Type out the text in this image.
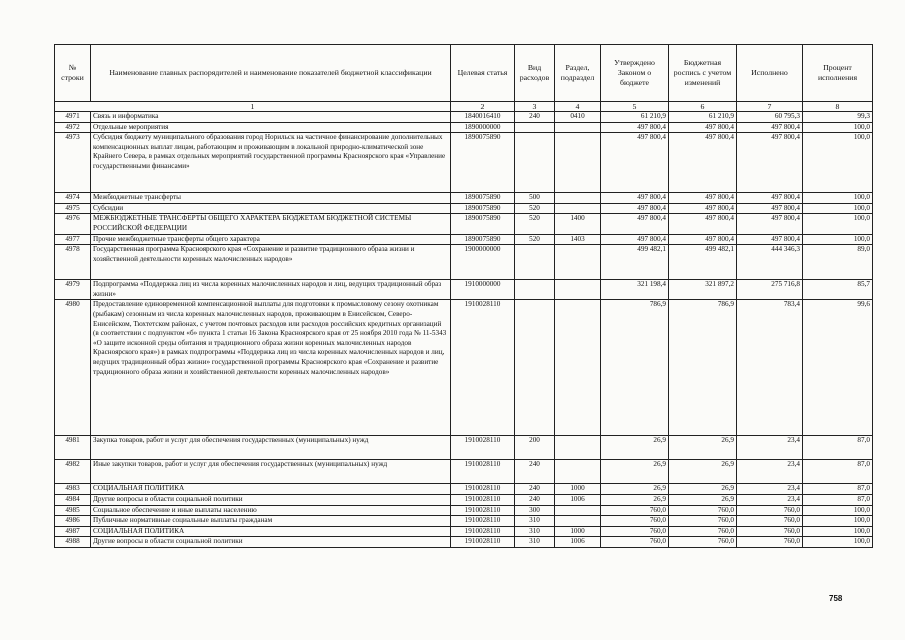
№ строки	Наименование главных распорядителей и наименование показателей бюджетной классификации	Целевая статья	Вид расходов	Раздел, подраздел	Утверждено Законом о бюджете	Бюджетная роспись с учетом изменений	Исполнено	Процент исполнения
1		2	3	4	5	6	7	8
4971	Связь и информатика	1840016410	240	0410	61 210,9	61 210,9	60 795,3	99,3
4972	Отдельные мероприятия	1890000000			497 800,4	497 800,4	497 800,4	100,0
4973	Субсидия бюджету муниципального образования город Норильск на частичное финансирование дополнительных компенсационных выплат лицам, работающим и проживающим в локальной природно-климатической зоне Крайнего Севера, в рамках отдельных мероприятий государственной программы Красноярского края «Управление государственными финансами»	1890075890			497 800,4	497 800,4	497 800,4	100,0
4974	Межбюджетные трансферты	1890075890	500		497 800,4	497 800,4	497 800,4	100,0
4975	Субсидии	1890075890	520		497 800,4	497 800,4	497 800,4	100,0
4976	МЕЖБЮДЖЕТНЫЕ ТРАНСФЕРТЫ ОБЩЕГО ХАРАКТЕРА БЮДЖЕТАМ БЮДЖЕТНОЙ СИСТЕМЫ РОССИЙСКОЙ ФЕДЕРАЦИИ	1890075890	520	1400	497 800,4	497 800,4	497 800,4	100,0
4977	Прочие межбюджетные трансферты общего характера	1890075890	520	1403	497 800,4	497 800,4	497 800,4	100,0
4978	Государственная программа Красноярского края «Сохранение и развитие традиционного образа жизни и хозяйственной деятельности коренных малочисленных народов»	1900000000			499 482,1	499 482,1	444 346,3	89,0
4979	Подпрограмма «Поддержка лиц из числа коренных малочисленных народов и лиц, ведущих традиционный образ жизни»	1910000000			321 198,4	321 897,2	275 716,8	85,7
4980	Предоставление единовременной компенсационной выплаты для подготовки к промысловому сезону охотникам (рыбакам) сезонным из числа коренных малочисленных народов, проживающим в Енисейском, Северо-Енисейском, Тюхтетском районах, с учетом почтовых расходов или расходов российских кредитных организаций (в соответствии с подпунктом «б» пункта 1 статьи 16 Закона Красноярского края от 25 ноября 2010 года № 11-5343 «О защите исконной среды обитания и традиционного образа жизни коренных малочисленных народов Красноярского края») в рамках подпрограммы «Поддержка лиц из числа коренных малочисленных народов и лиц, ведущих традиционный образ жизни» государственной программы Красноярского края «Сохранение и развитие традиционного образа жизни и хозяйственной деятельности коренных малочисленных народов»	1910028110			786,9	786,9	783,4	99,6
4981	Закупка товаров, работ и услуг для обеспечения государственных (муниципальных) нужд	1910028110	200		26,9	26,9	23,4	87,0
4982	Иные закупки товаров, работ и услуг для обеспечения государственных (муниципальных) нужд	1910028110	240		26,9	26,9	23,4	87,0
4983	СОЦИАЛЬНАЯ ПОЛИТИКА	1910028110	240	1000	26,9	26,9	23,4	87,0
4984	Другие вопросы в области социальной политики	1910028110	240	1006	26,9	26,9	23,4	87,0
4985	Социальное обеспечение и иные выплаты населению	1910028110	300		760,0	760,0	760,0	100,0
4986	Публичные нормативные социальные выплаты гражданам	1910028110	310		760,0	760,0	760,0	100,0
4987	СОЦИАЛЬНАЯ ПОЛИТИКА	1910028110	310	1000	760,0	760,0	760,0	100,0
4988	Другие вопросы в области социальной политики	1910028110	310	1006	760,0	760,0	760,0	100,0
758
